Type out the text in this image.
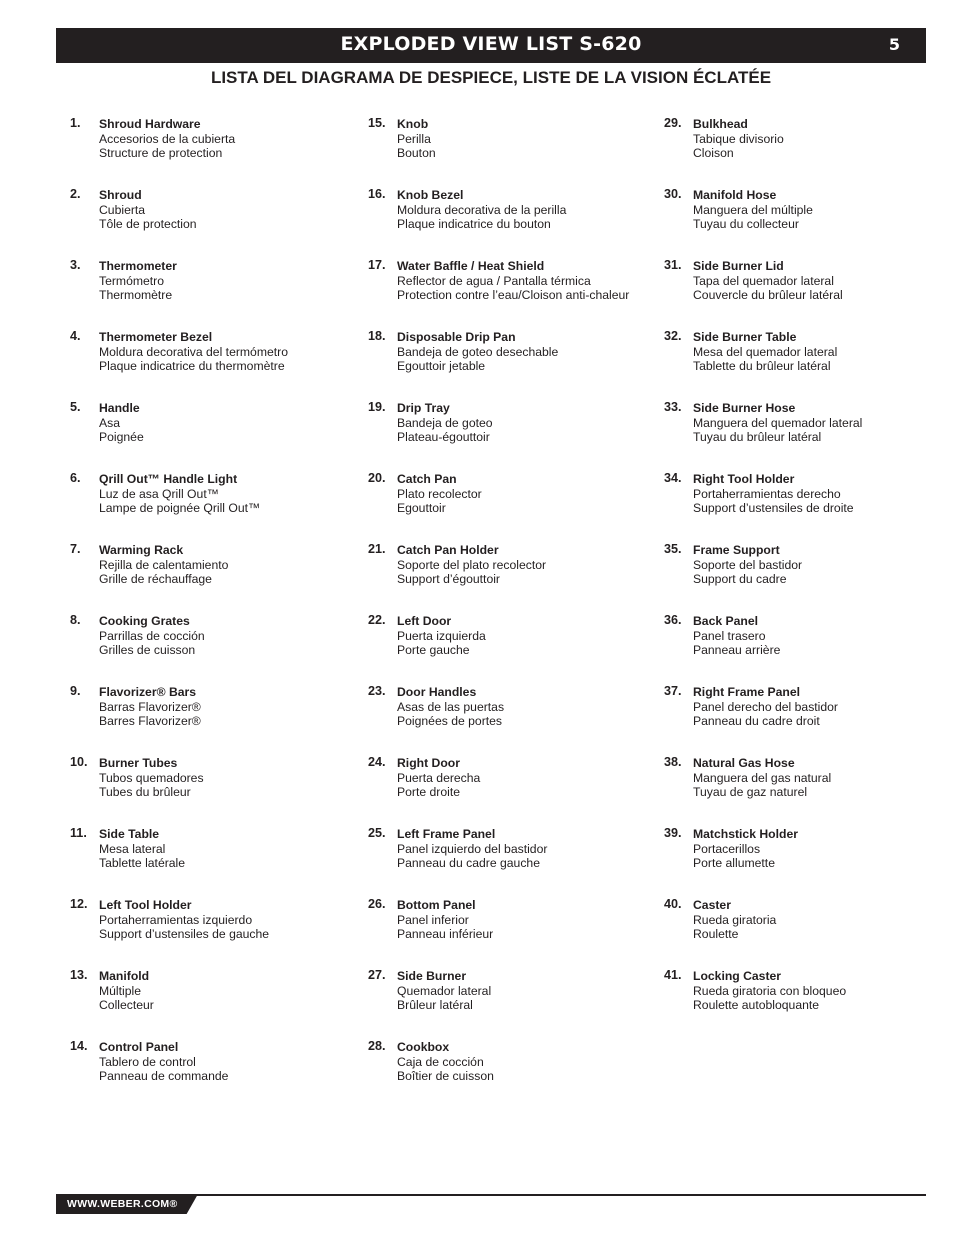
EXPLODED VIEW LIST S-620	5
LISTA DEL DIAGRAMA DE DESPIECE, LISTE DE LA VISION ÉCLATÉE
1.	Shroud Hardware
Accesorios de la cubierta
Structure de protection
2.	Shroud
Cubierta
Tôle de protection
3.	Thermometer
Termómetro
Thermomètre
4.	Thermometer Bezel
Moldura decorativa del termómetro
Plaque indicatrice du thermomètre
5.	Handle
Asa
Poignée
6.	Qrill Out™ Handle Light
Luz de asa Qrill Out™
Lampe de poignée Qrill Out™
7.	Warming Rack
Rejilla de calentamiento
Grille de réchauffage
8.	Cooking Grates
Parrillas de cocción
Grilles de cuisson
9.	Flavorizer® Bars
Barras Flavorizer®
Barres Flavorizer®
10. Burner Tubes
Tubos quemadores
Tubes du brûleur
11. Side Table
Mesa lateral
Tablette latérale
12. Left Tool Holder
Portaherramientas izquierdo
Support d’ustensiles de gauche
13. Manifold
Múltiple
Collecteur
14. Control Panel
Tablero de control
Panneau de commande
15. Knob
Perilla
Bouton
16. Knob Bezel
Moldura decorativa de la perilla
Plaque indicatrice du bouton
17. Water Baffle / Heat Shield
Reflector de agua / Pantalla térmica
Protection contre l’eau/Cloison anti-chaleur
18. Disposable Drip Pan
Bandeja de goteo desechable
Egouttoir jetable
19. Drip Tray
Bandeja de goteo
Plateau-égouttoir
20. Catch Pan
Plato recolector
Egouttoir
21. Catch Pan Holder
Soporte del plato recolector
Support d’égouttoir
22. Left Door
Puerta izquierda
Porte gauche
23. Door Handles
Asas de las puertas
Poignées de portes
24. Right Door
Puerta derecha
Porte droite
25. Left Frame Panel
Panel izquierdo del bastidor
Panneau du cadre gauche
26. Bottom Panel
Panel inferior
Panneau inférieur
27. Side Burner
Quemador lateral
Brûleur latéral
28. Cookbox
Caja de cocción
Boîtier de cuisson
29. Bulkhead
Tabique divisorio
Cloison
30. Manifold Hose
Manguera del múltiple
Tuyau du collecteur
31. Side Burner Lid
Tapa del quemador lateral
Couvercle du brûleur latéral
32. Side Burner Table
Mesa del quemador lateral
Tablette du brûleur latéral
33. Side Burner Hose
Manguera del quemador lateral
Tuyau du brûleur latéral
34. Right Tool Holder
Portaherramientas derecho
Support d’ustensiles de droite
35. Frame Support
Soporte del bastidor
Support du cadre
36. Back Panel
Panel trasero
Panneau arrière
37. Right Frame Panel
Panel derecho del bastidor
Panneau du cadre droit
38. Natural Gas Hose
Manguera del gas natural
Tuyau de gaz naturel
39. Matchstick Holder
Portacerillos
Porte allumette
40. Caster
Rueda giratoria
Roulette
41. Locking Caster
Rueda giratoria con bloqueo
Roulette autobloquante
WWW.WEBER.COM®
